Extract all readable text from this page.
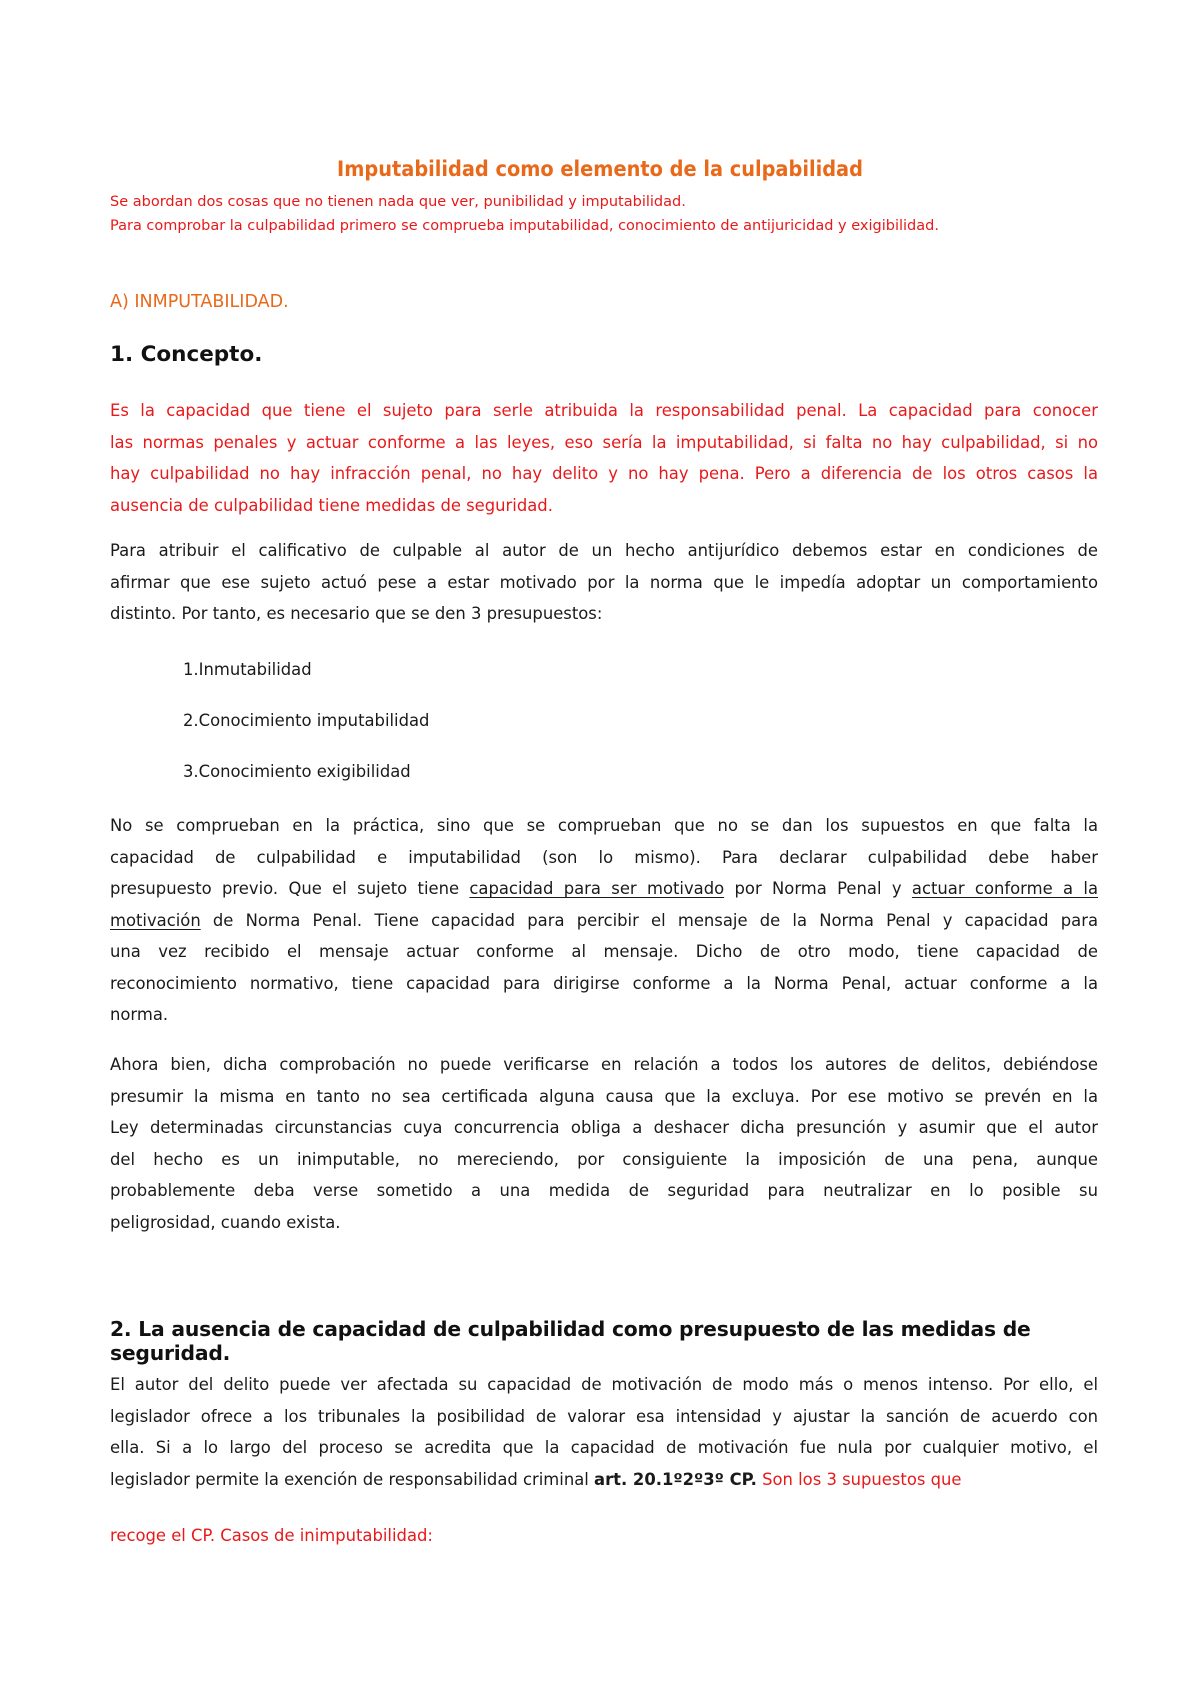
Imputabilidad como elemento de la culpabilidad
Se abordan dos cosas que no tienen nada que ver, punibilidad y imputabilidad.
Para comprobar la culpabilidad primero se comprueba imputabilidad, conocimiento de antijuricidad y exigibilidad.
A) INMPUTABILIDAD.
1. Concepto.
Es la capacidad que tiene el sujeto para serle atribuida la responsabilidad penal. La capacidad para conocer
las normas penales y actuar conforme a las leyes, eso sería la imputabilidad, si falta no hay culpabilidad, si no
hay culpabilidad no hay infracción penal, no hay delito y no hay pena. Pero a diferencia de los otros casos la
ausencia de culpabilidad tiene medidas de seguridad.
Para atribuir el calificativo de culpable al autor de un hecho antijurídico debemos estar en condiciones de
afirmar que ese sujeto actuó pese a estar motivado por la norma que le impedía adoptar un comportamiento
distinto. Por tanto, es necesario que se den 3 presupuestos:
1.Inmutabilidad
2.Conocimiento imputabilidad
3.Conocimiento exigibilidad
No se comprueban en la práctica, sino que se comprueban que no se dan los supuestos en que falta la
capacidad de culpabilidad e imputabilidad (son lo mismo). Para declarar culpabilidad debe haber
presupuesto previo. Que el sujeto tiene capacidad para ser motivado por Norma Penal y actuar conforme a la
motivación de Norma Penal. Tiene capacidad para percibir el mensaje de la Norma Penal y capacidad para
una vez recibido el mensaje actuar conforme al mensaje. Dicho de otro modo, tiene capacidad de
reconocimiento normativo, tiene capacidad para dirigirse conforme a la Norma Penal, actuar conforme a la
norma.
Ahora bien, dicha comprobación no puede verificarse en relación a todos los autores de delitos, debiéndose
presumir la misma en tanto no sea certificada alguna causa que la excluya. Por ese motivo se prevén en la
Ley determinadas circunstancias cuya concurrencia obliga a deshacer dicha presunción y asumir que el autor
del hecho es un inimputable, no mereciendo, por consiguiente la imposición de una pena, aunque
probablemente deba verse sometido a una medida de seguridad para neutralizar en lo posible su
peligrosidad, cuando exista.
2. La ausencia de capacidad de culpabilidad como presupuesto de las medidas de seguridad.
El autor del delito puede ver afectada su capacidad de motivación de modo más o menos intenso. Por ello, el
legislador ofrece a los tribunales la posibilidad de valorar esa intensidad y ajustar la sanción de acuerdo con
ella. Si a lo largo del proceso se acredita que la capacidad de motivación fue nula por cualquier motivo, el
legislador permite la exención de responsabilidad criminal art. 20.1º2º3º CP. Son los 3 supuestos que
recoge el CP. Casos de inimputabilidad:
